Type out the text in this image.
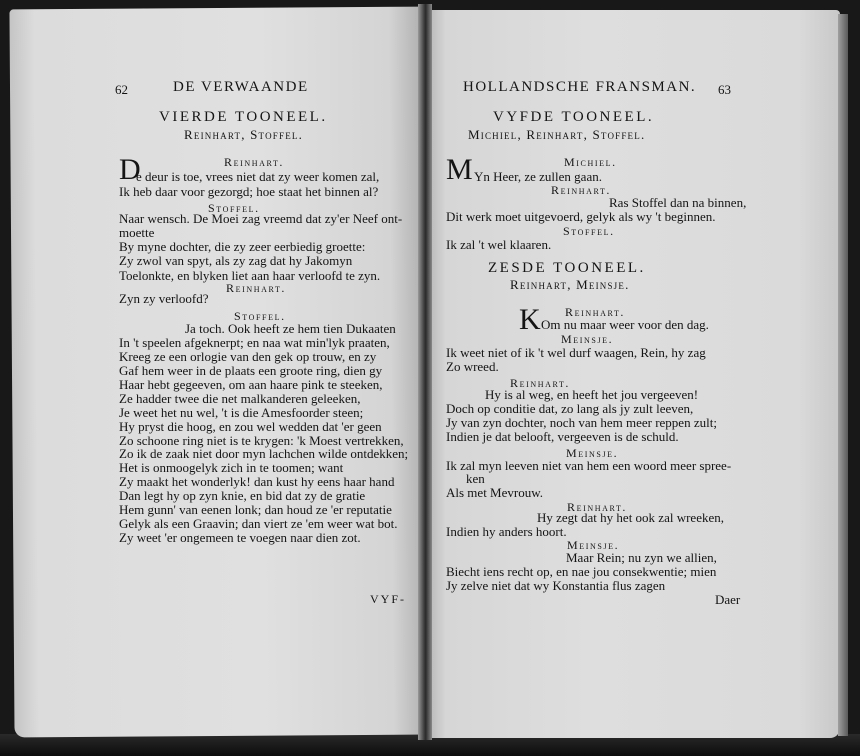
62	DE VERWAANDE
VIERDE TOONEEL.
Reinhart, Stoffel.
Reinhart.
e deur is toe, vrees niet dat zy weer komen zal,
D
Ik heb daar voor gezorgd; hoe staat het binnen al?
Stoffel.
Naar wensch. De Moei zag vreemd dat zy'er Neef ont-
moette
By myne dochter, die zy zeer eerbiedig groette:
Zy zwol van spyt, als zy zag dat hy Jakomyn
Toelonkte, en blyken liet aan haar verloofd te zyn.
Reinhart.
Zyn zy verloofd?
Stoffel.
Ja toch. Ook heeft ze hem tien Dukaaten
In 't speelen afgeknerpt; en naa wat min'lyk praaten,
Kreeg ze een orlogie van den gek op trouw, en zy
Gaf hem weer in de plaats een groote ring, dien gy
Haar hebt gegeeven, om aan haare pink te steeken,
Ze hadder twee die net malkanderen geleeken,
Je weet het nu wel, 't is die Amesfoorder steen;
Hy pryst die hoog, en zou wel wedden dat 'er geen
Zo schoone ring niet is te krygen: 'k Moest vertrekken,
Zo ik de zaak niet door myn lachchen wilde ontdekken;
Het is onmoogelyk zich in te toomen; want
Zy maakt het wonderlyk! dan kust hy eens haar hand
Dan legt hy op zyn knie, en bid dat zy de gratie
Hem gunn' van eenen lonk; dan houd ze 'er reputatie
Gelyk als een Graavin; dan viert ze 'em weer wat bot.
Zy weet 'er ongemeen te voegen naar dien zot.
VYF-
HOLLANDSCHE FRANSMAN. 63
VYFDE TOONEEL.
Michiel, Reinhart, Stoffel.
Michiel.
Yn Heer, ze zullen gaan.
M
Reinhart.
Ras Stoffel dan na binnen,
Dit werk moet uitgevoerd, gelyk als wy 't beginnen.
Stoffel.
Ik zal 't wel klaaren.
ZESDE TOONEEL.
Reinhart, Meinsje.
Reinhart.
Om nu maar weer voor den dag.
K
Meinsje.
Ik weet niet of ik 't wel durf waagen, Rein, hy zag
Zo wreed.
Reinhart.
Hy is al weg, en heeft het jou vergeeven!
Doch op conditie dat, zo lang als jy zult leeven,
Jy van zyn dochter, noch van hem meer reppen zult;
Indien je dat belooft, vergeeven is de schuld.
Meinsje.
Ik zal myn leeven niet van hem een woord meer spree-
ken
Als met Mevrouw.
Reinhart.
Hy zegt dat hy het ook zal wreeken,
Indien hy anders hoort.
Meinsje.
Maar Rein; nu zyn we allien,
Biecht iens recht op, en nae jou consekwentie; mien
Jy zelve niet dat wy Konstantia flus zagen
Daer
